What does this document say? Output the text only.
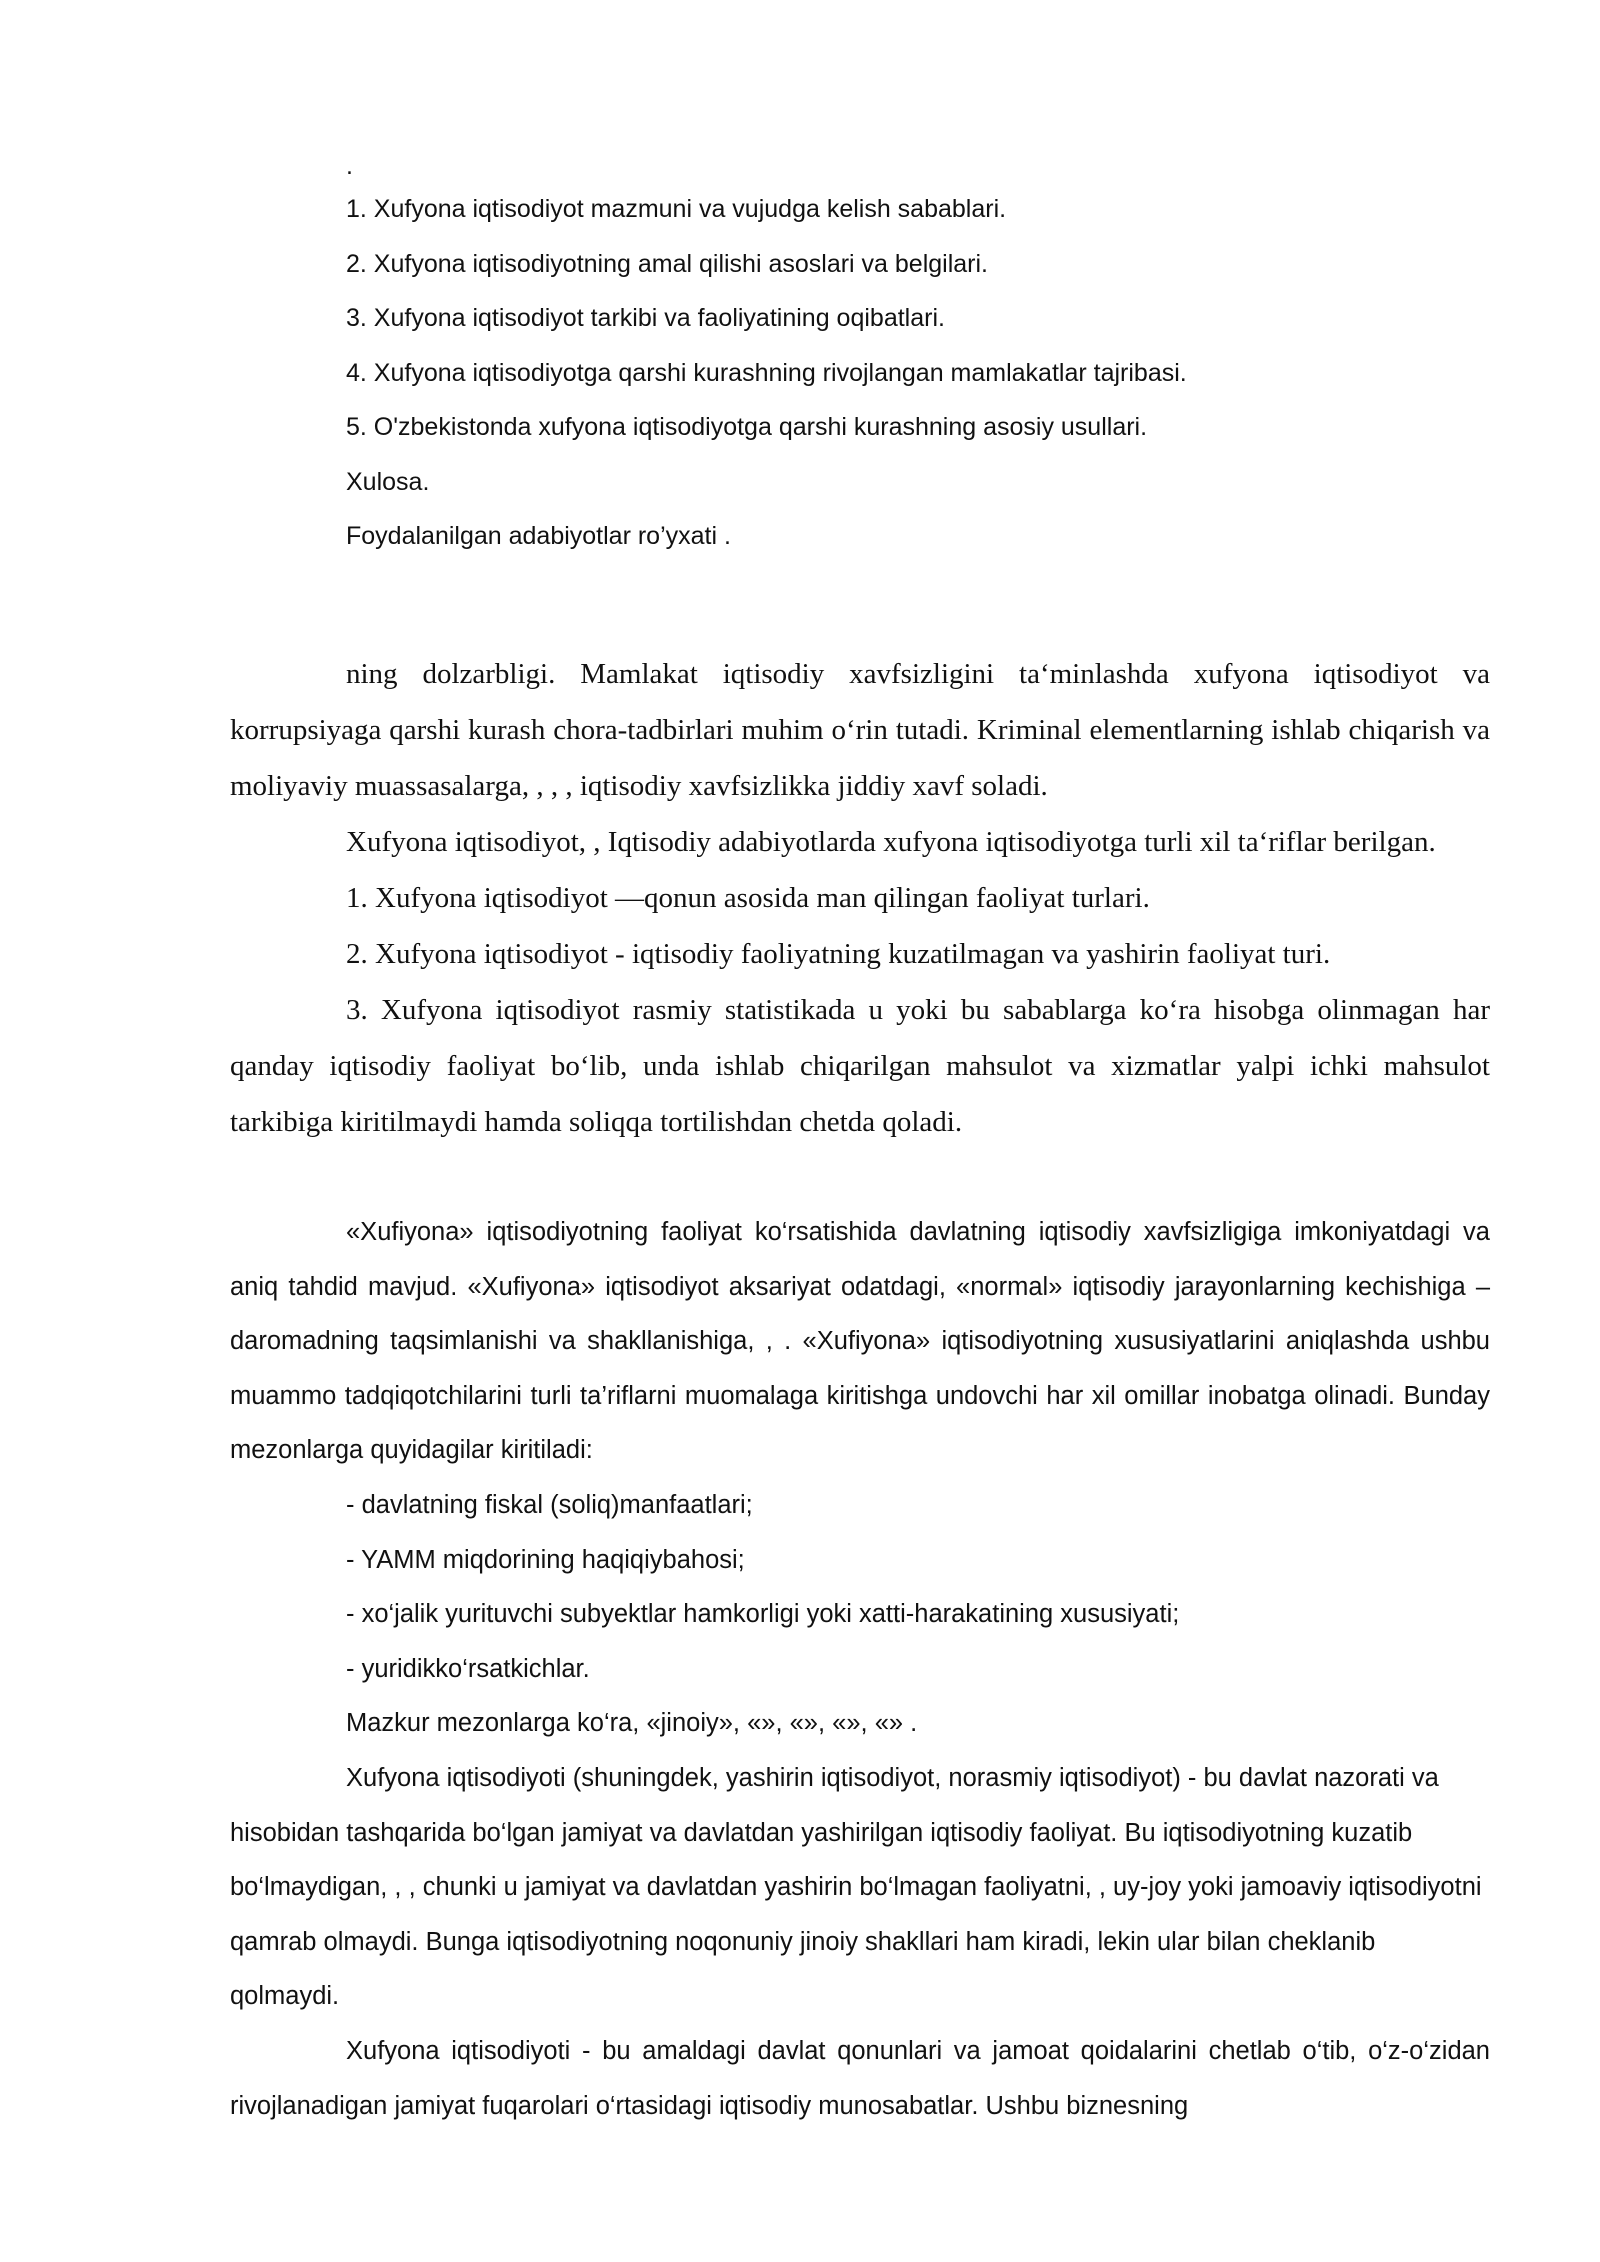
.
1. Xufyona iqtisodiyot mazmuni va vujudga kelish sabablari.
2. Xufyona iqtisodiyotning amal qilishi asoslari va belgilari.
3. Xufyona iqtisodiyot tarkibi va faoliyatining oqibatlari.
4. Xufyona iqtisodiyotga qarshi kurashning rivojlangan mamlakatlar tajribasi.
5. O'zbekistonda xufyona iqtisodiyotga qarshi kurashning asosiy usullari.
Xulosa.
Foydalanilgan adabiyotlar ro’yxati .

ning dolzarbligi. Mamlakat iqtisodiy xavfsizligini ta‘minlashda xufyona iqtisodiyot va korrupsiyaga qarshi kurash chora-tadbirlari muhim o‘rin tutadi. Kriminal elementlarning ishlab chiqarish va moliyaviy muassasalarga, , , , iqtisodiy xavfsizlikka jiddiy xavf soladi.

Xufyona iqtisodiyot, , Iqtisodiy adabiyotlarda xufyona iqtisodiyotga turli xil ta‘riflar berilgan.

1. Xufyona iqtisodiyot —qonun asosida man qilingan faoliyat turlari.

2. Xufyona iqtisodiyot - iqtisodiy faoliyatning kuzatilmagan va yashirin faoliyat turi.

3. Xufyona iqtisodiyot rasmiy statistikada u yoki bu sabablarga ko‘ra hisobga olinmagan har qanday iqtisodiy faoliyat bo‘lib, unda ishlab chiqarilgan mahsulot va xizmatlar yalpi ichki mahsulot tarkibiga kiritilmaydi hamda soliqqa tortilishdan chetda qoladi.

«Xufiyona» iqtisodiyotning faoliyat ko‘rsatishida davlatning iqtisodiy xavfsizligiga imkoniyatdagi va aniq tahdid mavjud. «Xufiyona» iqtisodiyot aksariyat odatdagi, «normal» iqtisodiy jarayonlarning kechishiga – daromadning taqsimlanishi va shakllanishiga, , . «Xufiyona» iqtisodiyotning xususiyatlarini aniqlashda ushbu muammo tadqiqotchilarini turli ta’riflarni muomalaga kiritishga undovchi har xil omillar inobatga olinadi. Bunday mezonlarga quyidagilar kiritiladi:

- davlatning fiskal (soliq)manfaatlari;

- YAMM miqdorining haqiqiybahosi;

- xo‘jalik yurituvchi subyektlar hamkorligi yoki xatti-harakatining xususiyati;

- yuridikko‘rsatkichlar.

Mazkur mezonlarga ko‘ra, «jinoiy», «», «», «», «» .

Xufyona iqtisodiyoti (shuningdek, yashirin iqtisodiyot, norasmiy iqtisodiyot) - bu davlat nazorati va hisobidan tashqarida bo‘lgan jamiyat va davlatdan yashirilgan iqtisodiy faoliyat. Bu iqtisodiyotning kuzatib bo‘lmaydigan, , , chunki u jamiyat va davlatdan yashirin bo‘lmagan faoliyatni, , uy-joy yoki jamoaviy iqtisodiyotni qamrab olmaydi. Bunga iqtisodiyotning noqonuniy jinoiy shakllari ham kiradi, lekin ular bilan cheklanib qolmaydi.

Xufyona iqtisodiyoti - bu amaldagi davlat qonunlari va jamoat qoidalarini chetlab o‘tib, o‘z-o‘zidan rivojlanadigan jamiyat fuqarolari o‘rtasidagi iqtisodiy munosabatlar. Ushbu biznesning
